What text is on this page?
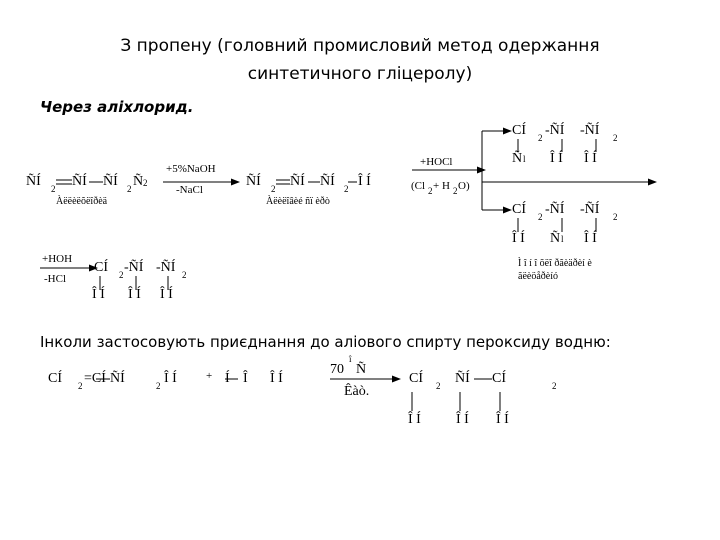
З пропену (головний промисловий метод одержання
синтетичного гліцеролу)
Через аліхлорид.
Інколи застосовують приєднання до аліового спирту пероксиду водню:
ÑÍ 2 ÑÍ ÑÍ 2 Ñ 2
Àëëèëõëîðèä
+5%NaOH
-NaCl
ÑÍ 2 ÑÍ ÑÍ 2 Î Í
Àëèëîâèé ñï èðò
+HOCl
(Cl 2 + H 2 O)
CÍ 2 -ÑÍ -ÑÍ 2
Ñ l Î Í Î Í
CÍ 2 -ÑÍ -ÑÍ 2
Î Í Ñ l Î Í
Ì î í î õëî ðãèäðèí è
ãëèöåðèíó
+HOH
-HCl
CÍ 2 -ÑÍ -ÑÍ 2
Î Í Î Í Î Í
CÍ 2 =CÍ ÑÍ	2 Î Í	+ Í Î Î Í
70
î
Ñ
Êàò.
CÍ 2 ÑÍ CÍ	2
Î Í	Î Í Î Í
